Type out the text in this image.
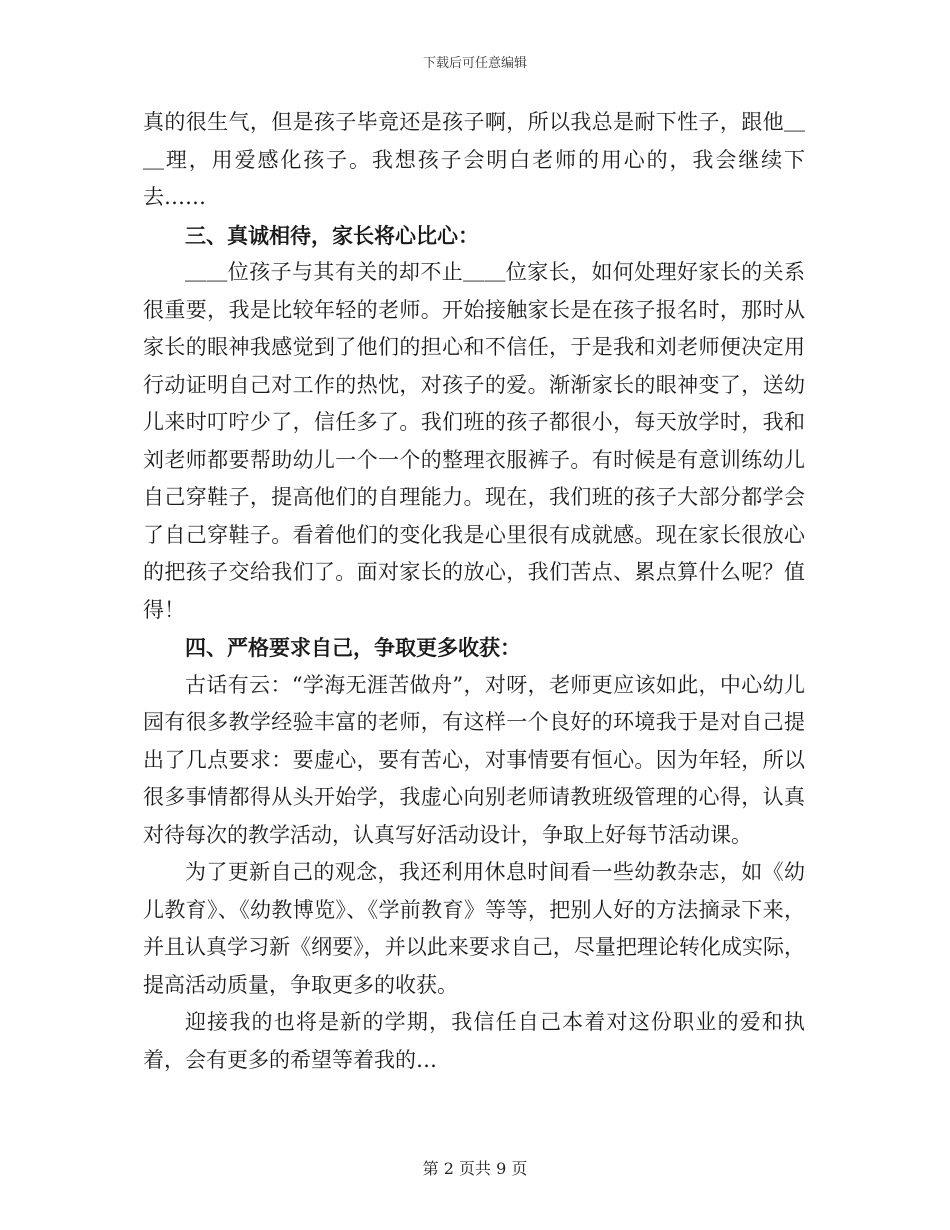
下载后可任意编辑

真的很生气，但是孩子毕竟还是孩子啊，所以我总是耐下性子，跟他＿＿理，用爱感化孩子。我想孩子会明白老师的用心的，我会继续下去……

三、真诚相待，家长将心比心：

＿＿位孩子与其有关的却不止＿＿位家长，如何处理好家长的关系很重要，我是比较年轻的老师。开始接触家长是在孩子报名时，那时从家长的眼神我感觉到了他们的担心和不信任，于是我和刘老师便决定用行动证明自己对工作的热忱，对孩子的爱。渐渐家长的眼神变了，送幼儿来时叮咛少了，信任多了。我们班的孩子都很小，每天放学时，我和刘老师都要帮助幼儿一个一个的整理衣服裤子。有时候是有意训练幼儿自己穿鞋子，提高他们的自理能力。现在，我们班的孩子大部分都学会了自己穿鞋子。看着他们的变化我是心里很有成就感。现在家长很放心的把孩子交给我们了。面对家长的放心，我们苦点、累点算什么呢？值得！

四、严格要求自己，争取更多收获：

古话有云：“学海无涯苦做舟”，对呀，老师更应该如此，中心幼儿园有很多教学经验丰富的老师，有这样一个良好的环境我于是对自己提出了几点要求：要虚心，要有苦心，对事情要有恒心。因为年轻，所以很多事情都得从头开始学，我虚心向别老师请教班级管理的心得，认真对待每次的教学活动，认真写好活动设计，争取上好每节活动课。

为了更新自己的观念，我还利用休息时间看一些幼教杂志，如《幼儿教育》、《幼教博览》、《学前教育》等等，把别人好的方法摘录下来，并且认真学习新《纲要》，并以此来要求自己，尽量把理论转化成实际，提高活动质量，争取更多的收获。

迎接我的也将是新的学期，我信任自己本着对这份职业的爱和执着，会有更多的希望等着我的…

第 2 页共 9 页
